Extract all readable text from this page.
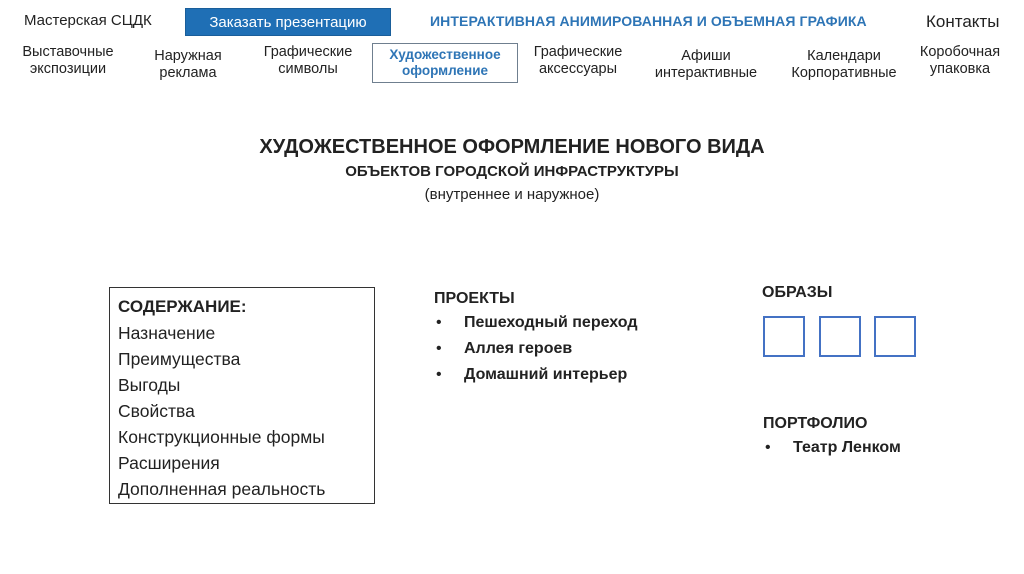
Мастерская СЦДК	Заказать презентацию	ИНТЕРАКТИВНАЯ АНИМИРОВАННАЯ И ОБЪЕМНАЯ ГРАФИКА	Контакты
Выставочные
экспозиции
Наружная
реклама
Графические
символы
Художественное
оформление
Графические
аксессуары
Афиши
интерактивные
Календари
Корпоративные
Коробочная
упаковка
ХУДОЖЕСТВЕННОЕ ОФОРМЛЕНИЕ НОВОГО ВИДА
ОБЪЕКТОВ ГОРОДСКОЙ ИНФРАСТРУКТУРЫ
(внутреннее и наружное)
СОДЕРЖАНИЕ:
Назначение
Преимущества
Выгоды
Свойства
Конструкционные формы
Расширения
Дополненная реальность
ПРОЕКТЫ
• Пешеходный переход
• Аллея героев
• Домашний интерьер
ОБРАЗЫ
ПОРТФОЛИО
• Театр Ленком
